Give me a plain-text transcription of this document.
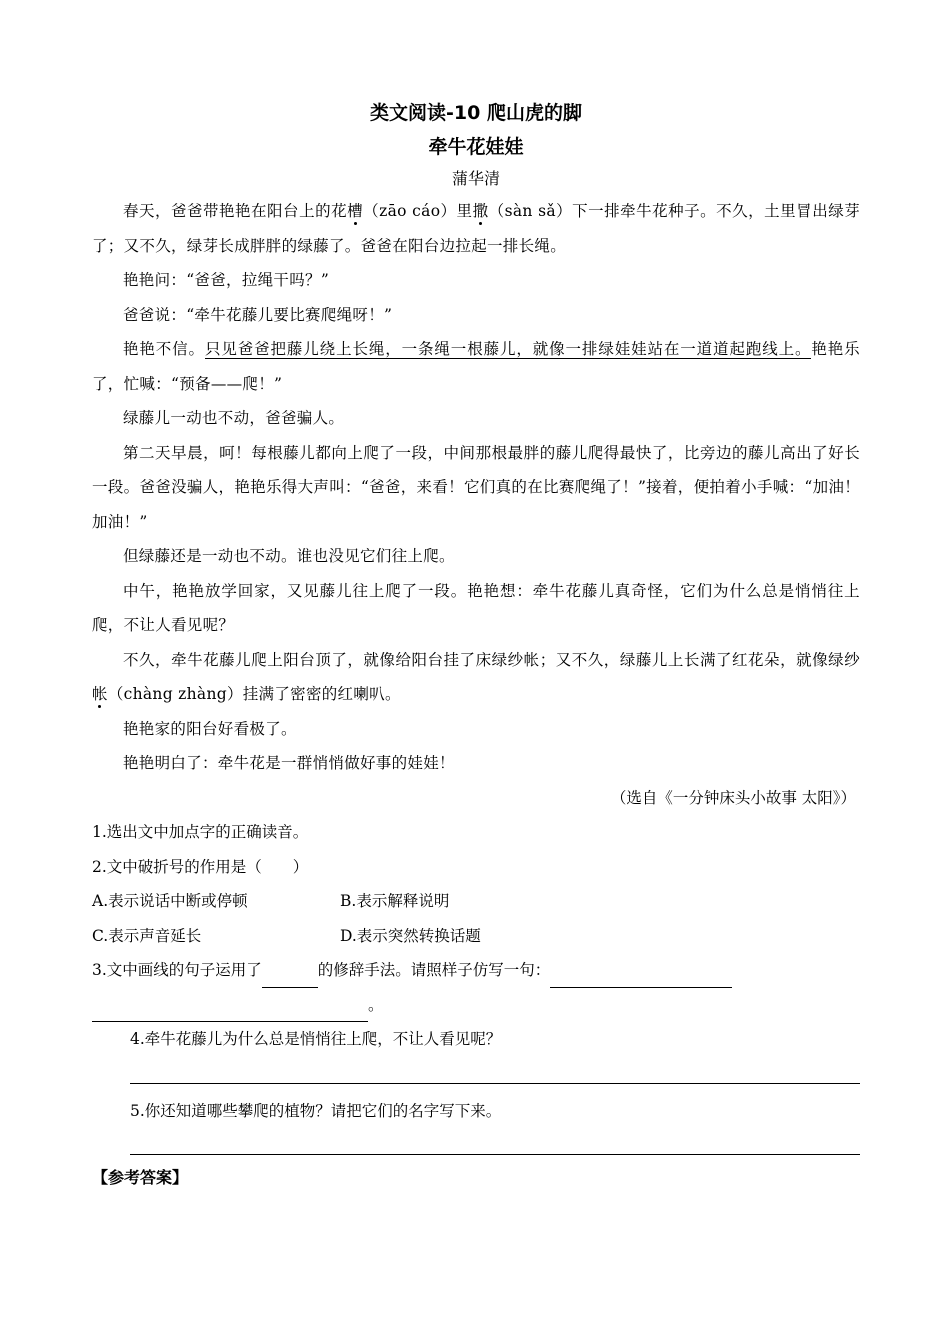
类文阅读-10 爬山虎的脚
牵牛花娃娃
蒲华清

春天，爸爸带艳艳在阳台上的花槽（zāo cáo）里撒（sàn sǎ）下一排牵牛花种子。不久，土里冒出绿芽了；又不久，绿芽长成胖胖的绿藤了。爸爸在阳台边拉起一排长绳。

艳艳问：“爸爸，拉绳干吗？”

爸爸说：“牵牛花藤儿要比赛爬绳呀！”

艳艳不信。只见爸爸把藤儿绕上长绳，一条绳一根藤儿，就像一排绿娃娃站在一道道起跑线上。艳艳乐了，忙喊：“预备——爬！”

绿藤儿一动也不动，爸爸骗人。

第二天早晨，呵！每根藤儿都向上爬了一段，中间那根最胖的藤儿爬得最快了，比旁边的藤儿高出了好长一段。爸爸没骗人，艳艳乐得大声叫：“爸爸，来看！它们真的在比赛爬绳了！”接着，便拍着小手喊：“加油！加油！”

但绿藤还是一动也不动。谁也没见它们往上爬。

中午，艳艳放学回家，又见藤儿往上爬了一段。艳艳想：牵牛花藤儿真奇怪，它们为什么总是悄悄往上爬，不让人看见呢？

不久，牵牛花藤儿爬上阳台顶了，就像给阳台挂了床绿纱帐；又不久，绿藤儿上长满了红花朵，就像绿纱帐（chàng zhàng）挂满了密密的红喇叭。

艳艳家的阳台好看极了。

艳艳明白了：牵牛花是一群悄悄做好事的娃娃！

（选自《一分钟床头小故事 太阳》）

1.选出文中加点字的正确读音。

2.文中破折号的作用是（　　）

A.表示说话中断或停顿	B.表示解释说明
C.表示声音延长	D.表示突然转换话题

3.文中画线的句子运用了	的修辞手法。请照样子仿写一句：

。

4.牵牛花藤儿为什么总是悄悄往上爬，不让人看见呢？

5.你还知道哪些攀爬的植物？请把它们的名字写下来。

【参考答案】
